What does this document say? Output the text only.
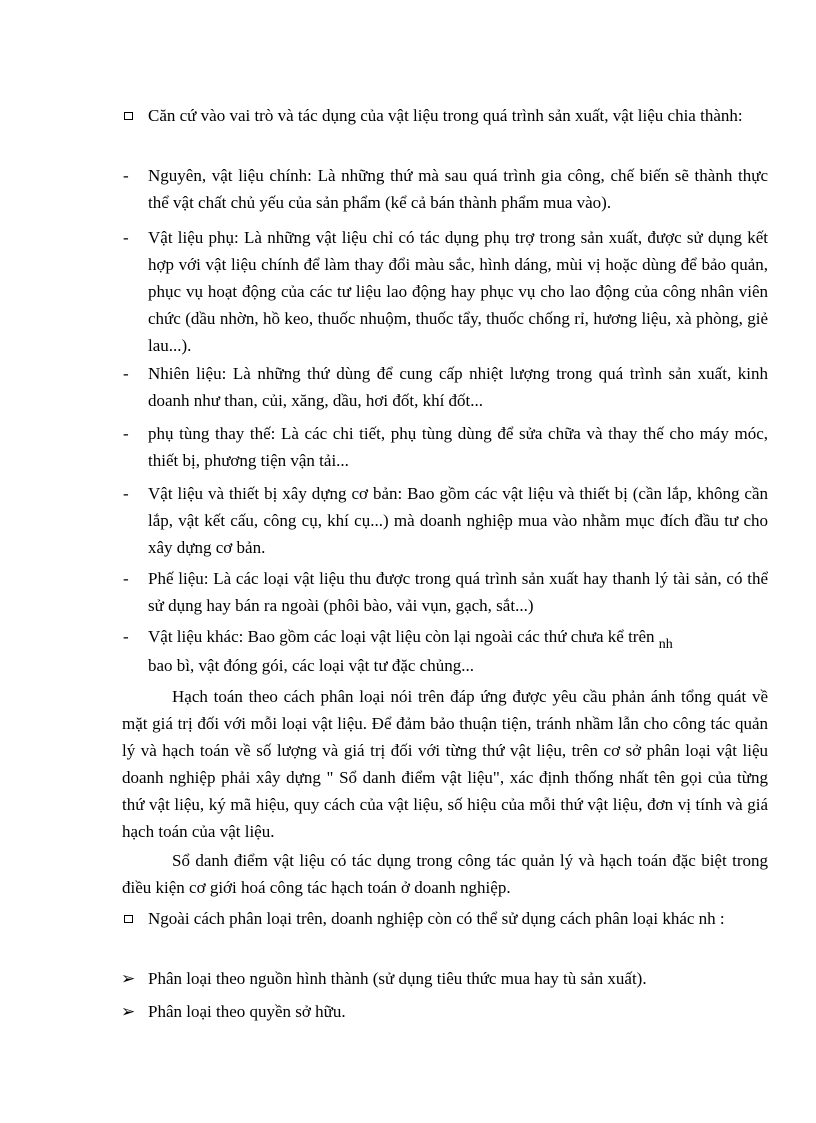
Căn cứ vào vai trò và tác dụng của vật liệu trong quá trình sản xuất, vật liệu chia thành:
- Nguyên, vật liệu chính: Là những thứ mà sau quá trình gia công, chế biến sẽ thành thực thể vật chất chủ yếu của sản phẩm (kể cả bán thành phẩm mua vào).
- Vật liệu phụ: Là những vật liệu chỉ có tác dụng phụ trợ trong sản xuất, được sử dụng kết hợp với vật liệu chính để làm thay đổi màu sắc, hình dáng, mùi vị hoặc dùng để bảo quản, phục vụ hoạt động của các tư liệu lao động hay phục vụ cho lao động của công nhân viên chức (dầu nhờn, hồ keo, thuốc nhuộm, thuốc tẩy, thuốc chống rỉ, hương liệu, xà phòng, giẻ lau...).
- Nhiên liệu: Là những thứ dùng để cung cấp nhiệt lượng trong quá trình sản xuất, kinh doanh như than, củi, xăng, dầu, hơi đốt, khí đốt...
- phụ tùng thay thế: Là các chi tiết, phụ tùng dùng để sửa chữa và thay thế cho máy móc, thiết bị, phương tiện vận tải...
- Vật liệu và thiết bị xây dựng cơ bản: Bao gồm các vật liệu và thiết bị (cần lắp, không cần lắp, vật kết cấu, công cụ, khí cụ...) mà doanh nghiệp mua vào nhằm mục đích đầu tư cho xây dựng cơ bản.
- Phế liệu: Là các loại vật liệu thu được trong quá trình sản xuất hay thanh lý tài sản, có thể sử dụng hay bán ra ngoài (phôi bào, vải vụn, gạch, sắt...)
- Vật liệu khác: Bao gồm các loại vật liệu còn lại ngoài các thứ chưa kể trên $_{nh}$
bao bì, vật đóng gói, các loại vật tư đặc chủng...
Hạch toán theo cách phân loại nói trên đáp ứng được yêu cầu phản ánh tổng quát về mặt giá trị đối với mỗi loại vật liệu. Để đảm bảo thuận tiện, tránh nhầm lẫn cho công tác quản lý và hạch toán về số lượng và giá trị đối với từng thứ vật liệu, trên cơ sở phân loại vật liệu doanh nghiệp phải xây dựng " Sổ danh điểm vật liệu", xác định thống nhất tên gọi của từng thứ vật liệu, ký mã hiệu, quy cách của vật liệu, số hiệu của mỗi thứ vật liệu, đơn vị tính và giá hạch toán của vật liệu.
Sổ danh điểm vật liệu có tác dụng trong công tác quản lý và hạch toán đặc biệt trong điều kiện cơ giới hoá công tác hạch toán ở doanh nghiệp.
Ngoài cách phân loại trên, doanh nghiệp còn có thể sử dụng cách phân loại khác nh :
➢ Phân loại theo nguồn hình thành (sử dụng tiêu thức mua hay tù sản xuất).
➢ Phân loại theo quyền sở hữu.
